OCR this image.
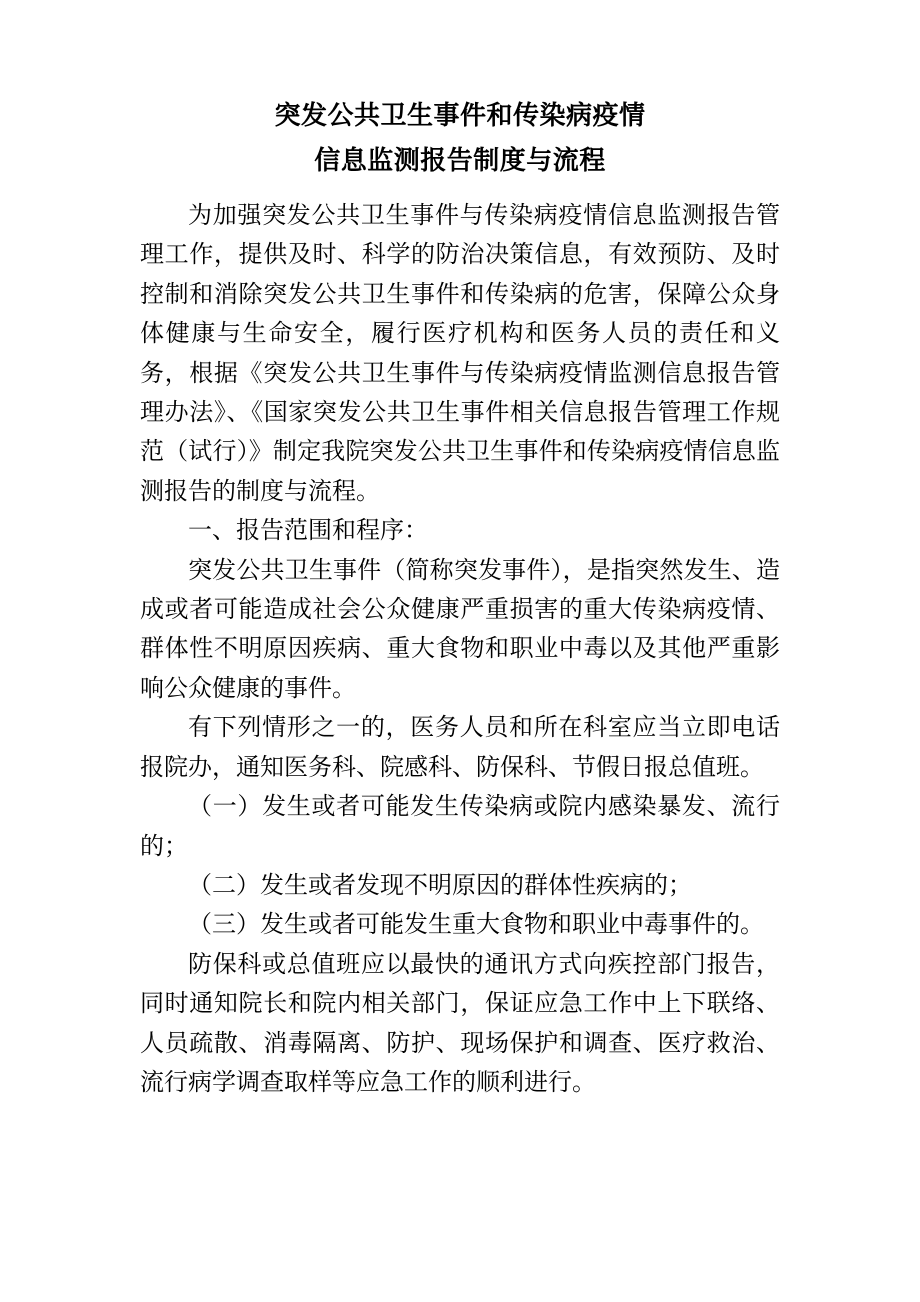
突发公共卫生事件和传染病疫情
信息监测报告制度与流程

为加强突发公共卫生事件与传染病疫情信息监测报告管理工作，提供及时、科学的防治决策信息，有效预防、及时控制和消除突发公共卫生事件和传染病的危害，保障公众身体健康与生命安全，履行医疗机构和医务人员的责任和义务，根据《突发公共卫生事件与传染病疫情监测信息报告管理办法》、《国家突发公共卫生事件相关信息报告管理工作规范（试行）》制定我院突发公共卫生事件和传染病疫情信息监测报告的制度与流程。

一、报告范围和程序：

突发公共卫生事件（简称突发事件），是指突然发生、造成或者可能造成社会公众健康严重损害的重大传染病疫情、群体性不明原因疾病、重大食物和职业中毒以及其他严重影响公众健康的事件。

有下列情形之一的，医务人员和所在科室应当立即电话报院办，通知医务科、院感科、防保科、节假日报总值班。

（一）发生或者可能发生传染病或院内感染暴发、流行的；

（二）发生或者发现不明原因的群体性疾病的；

（三）发生或者可能发生重大食物和职业中毒事件的。

防保科或总值班应以最快的通讯方式向疾控部门报告，同时通知院长和院内相关部门，保证应急工作中上下联络、人员疏散、消毒隔离、防护、现场保护和调查、医疗救治、流行病学调查取样等应急工作的顺利进行。
